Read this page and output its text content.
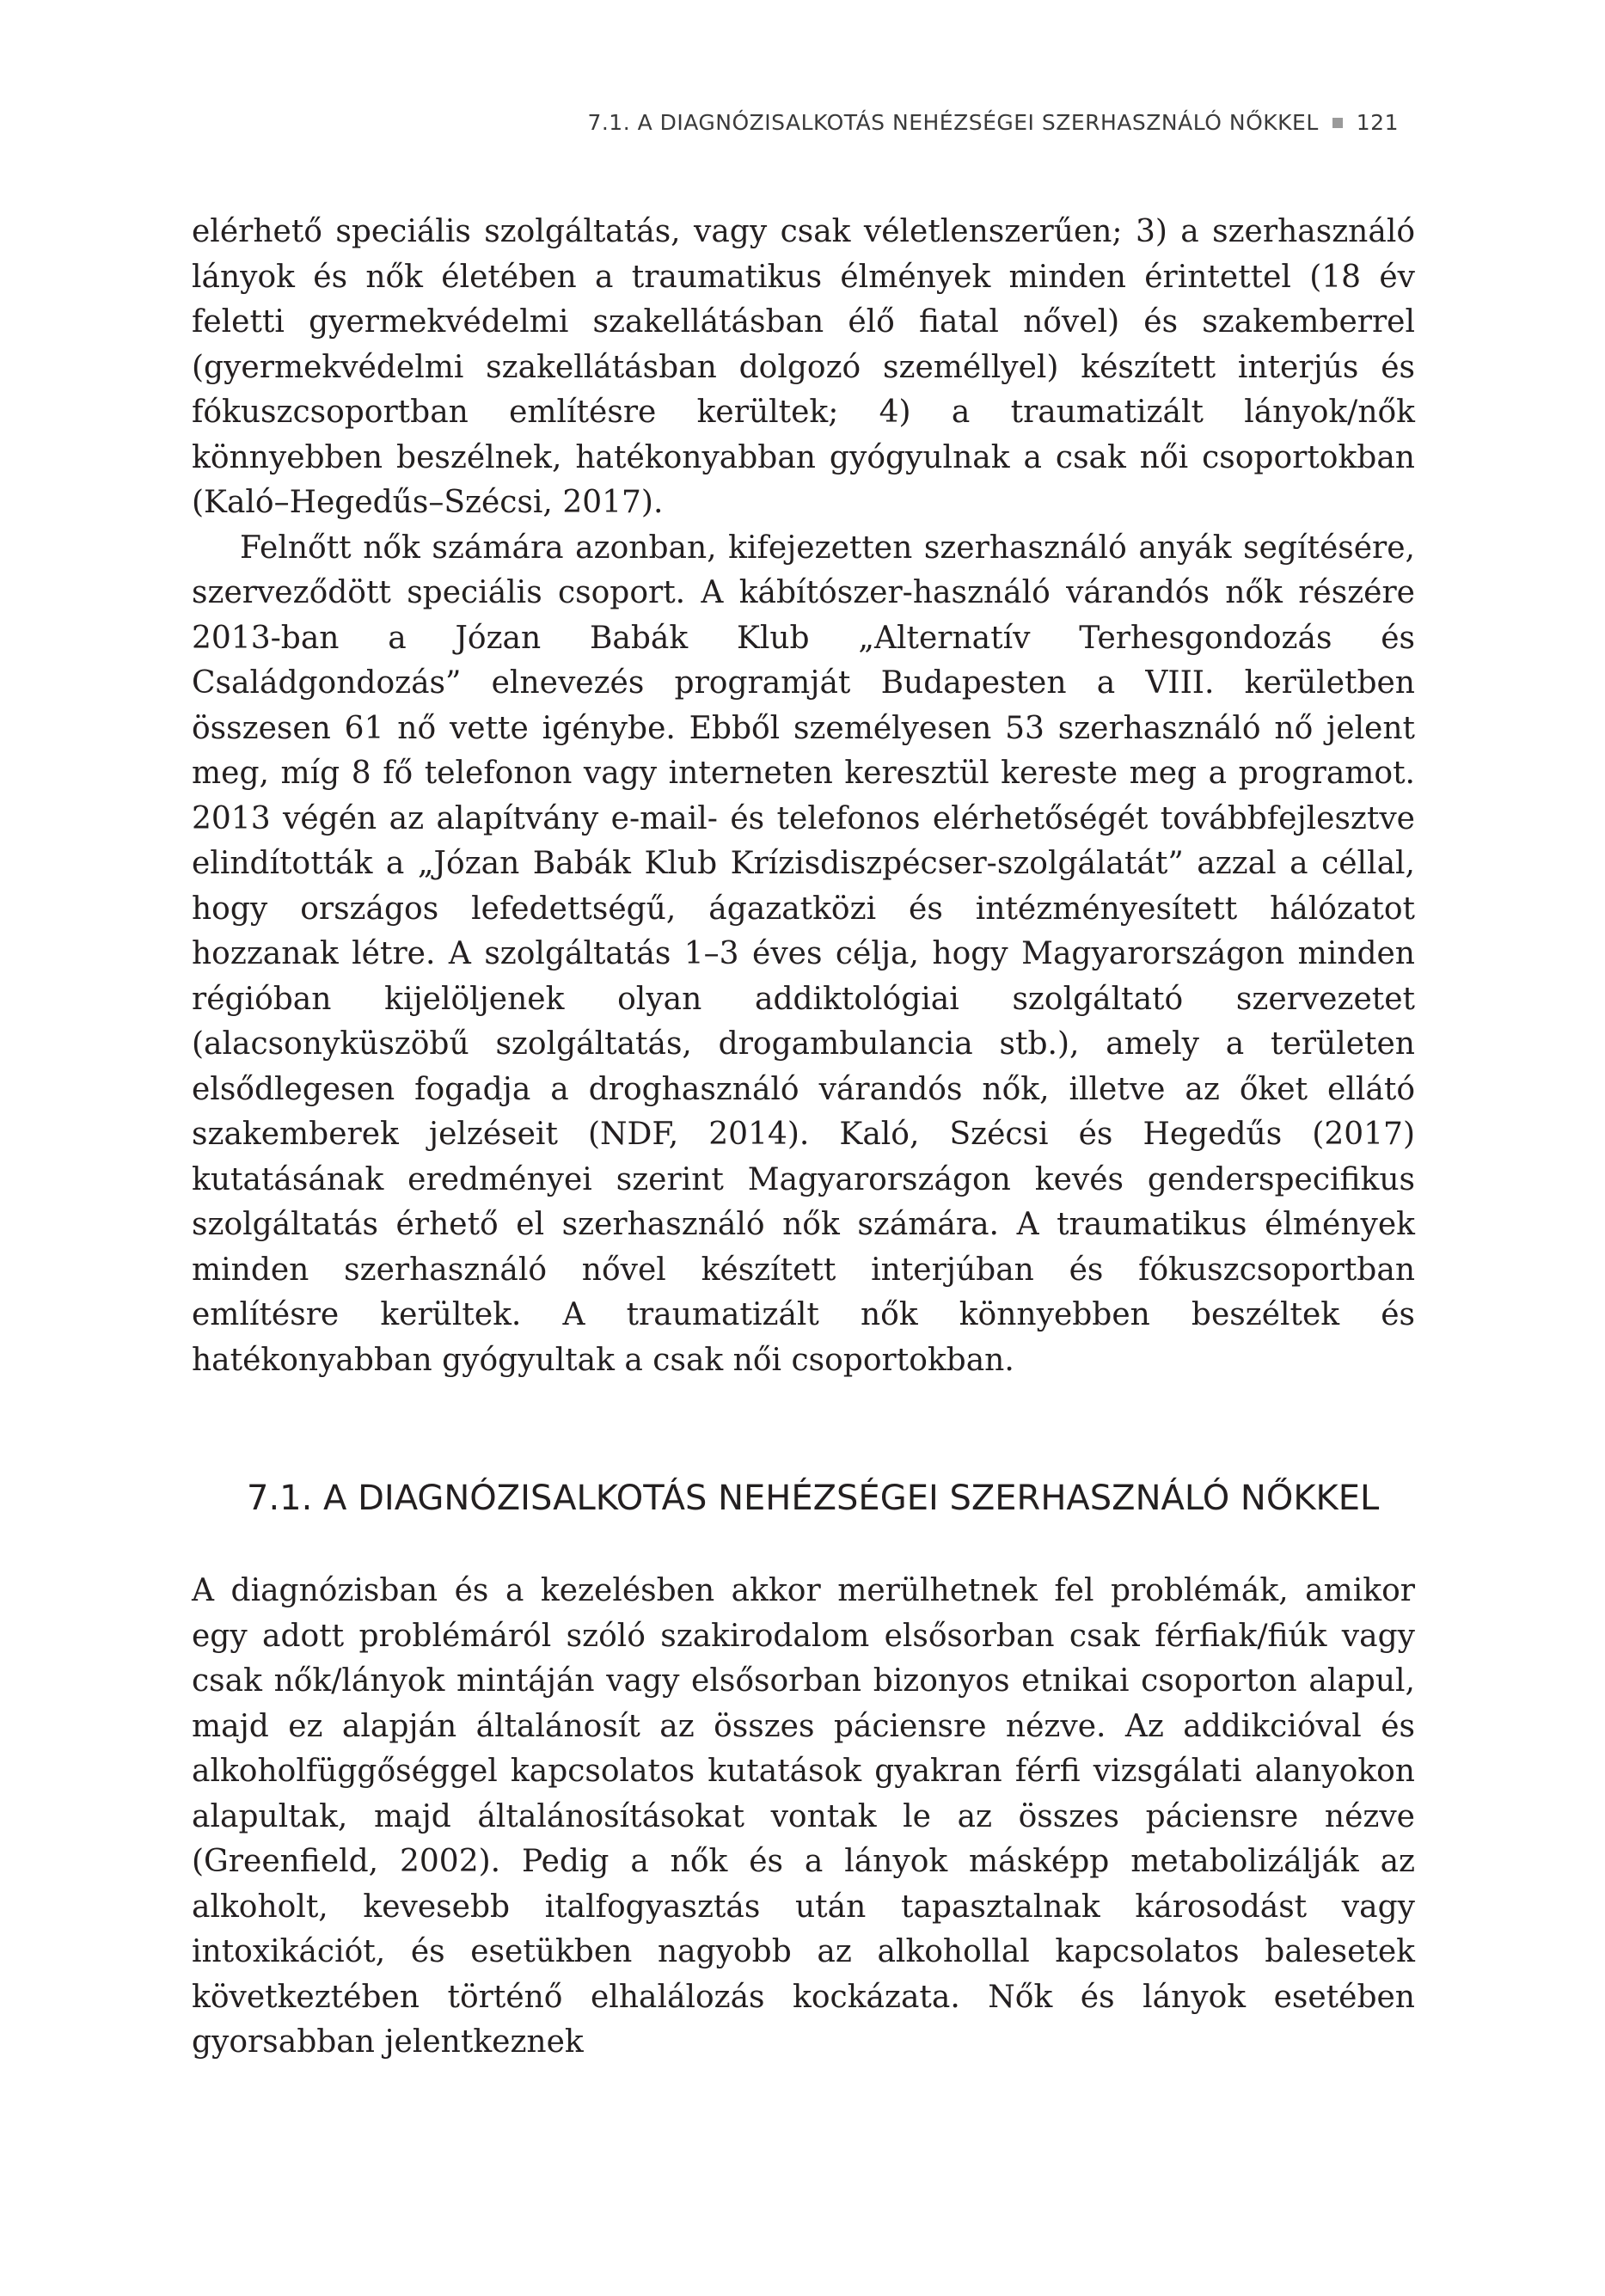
7.1. A DIAGNÓZISALKOTÁS NEHÉZSÉGEI SZERHASZNÁLÓ NŐKKEL 121

elérhető speciális szolgáltatás, vagy csak véletlenszerűen; 3) a szerhasználó lányok és nők életében a traumatikus élmények minden érintettel (18 év feletti gyermekvédelmi szakellátásban élő fiatal nővel) és szakemberrel (gyermekvédelmi szakellátásban dolgozó személlyel) készített interjús és fókuszcsoportban említésre kerültek; 4) a traumatizált lányok/nők könnyebben beszélnek, hatékonyabban gyógyulnak a csak női csoportokban (Kaló–Hegedűs–Szécsi, 2017).

Felnőtt nők számára azonban, kifejezetten szerhasználó anyák segítésére, szerveződött speciális csoport. A kábítószer-használó várandós nők részére 2013-ban a Józan Babák Klub „Alternatív Terhesgondozás és Családgondozás” elnevezés programját Budapesten a VIII. kerületben összesen 61 nő vette igénybe. Ebből személyesen 53 szerhasználó nő jelent meg, míg 8 fő telefonon vagy interneten keresztül kereste meg a programot. 2013 végén az alapítvány e-mail- és telefonos elérhetőségét továbbfejlesztve elindították a „Józan Babák Klub Krízisdiszpécser-szolgálatát” azzal a céllal, hogy országos lefedettségű, ágazatközi és intézményesített hálózatot hozzanak létre. A szolgáltatás 1–3 éves célja, hogy Magyarországon minden régióban kijelöljenek olyan addiktológiai szolgáltató szervezetet (alacsonyküszöbű szolgáltatás, drogambulancia stb.), amely a területen elsődlegesen fogadja a droghasználó várandós nők, illetve az őket ellátó szakemberek jelzéseit (NDF, 2014). Kaló, Szécsi és Hegedűs (2017) kutatásának eredményei szerint Magyarországon kevés genderspecifikus szolgáltatás érhető el szerhasználó nők számára. A traumatikus élmények minden szerhasználó nővel készített interjúban és fókuszcsoportban említésre kerültek. A traumatizált nők könnyebben beszéltek és hatékonyabban gyógyultak a csak női csoportokban.

7.1. A DIAGNÓZISALKOTÁS NEHÉZSÉGEI SZERHASZNÁLÓ NŐKKEL

A diagnózisban és a kezelésben akkor merülhetnek fel problémák, amikor egy adott problémáról szóló szakirodalom elsősorban csak férfiak/fiúk vagy csak nők/lányok mintáján vagy elsősorban bizonyos etnikai csoporton alapul, majd ez alapján általánosít az összes páciensre nézve. Az addikcióval és alkoholfüggőséggel kapcsolatos kutatások gyakran férfi vizsgálati alanyokon alapultak, majd általánosításokat vontak le az összes páciensre nézve (Greenfield, 2002). Pedig a nők és a lányok másképp metabolizálják az alkoholt, kevesebb italfogyasztás után tapasztalnak károsodást vagy intoxikációt, és esetükben nagyobb az alkohollal kapcsolatos balesetek következtében történő elhalálozás kockázata. Nők és lányok esetében gyorsabban jelentkeznek
